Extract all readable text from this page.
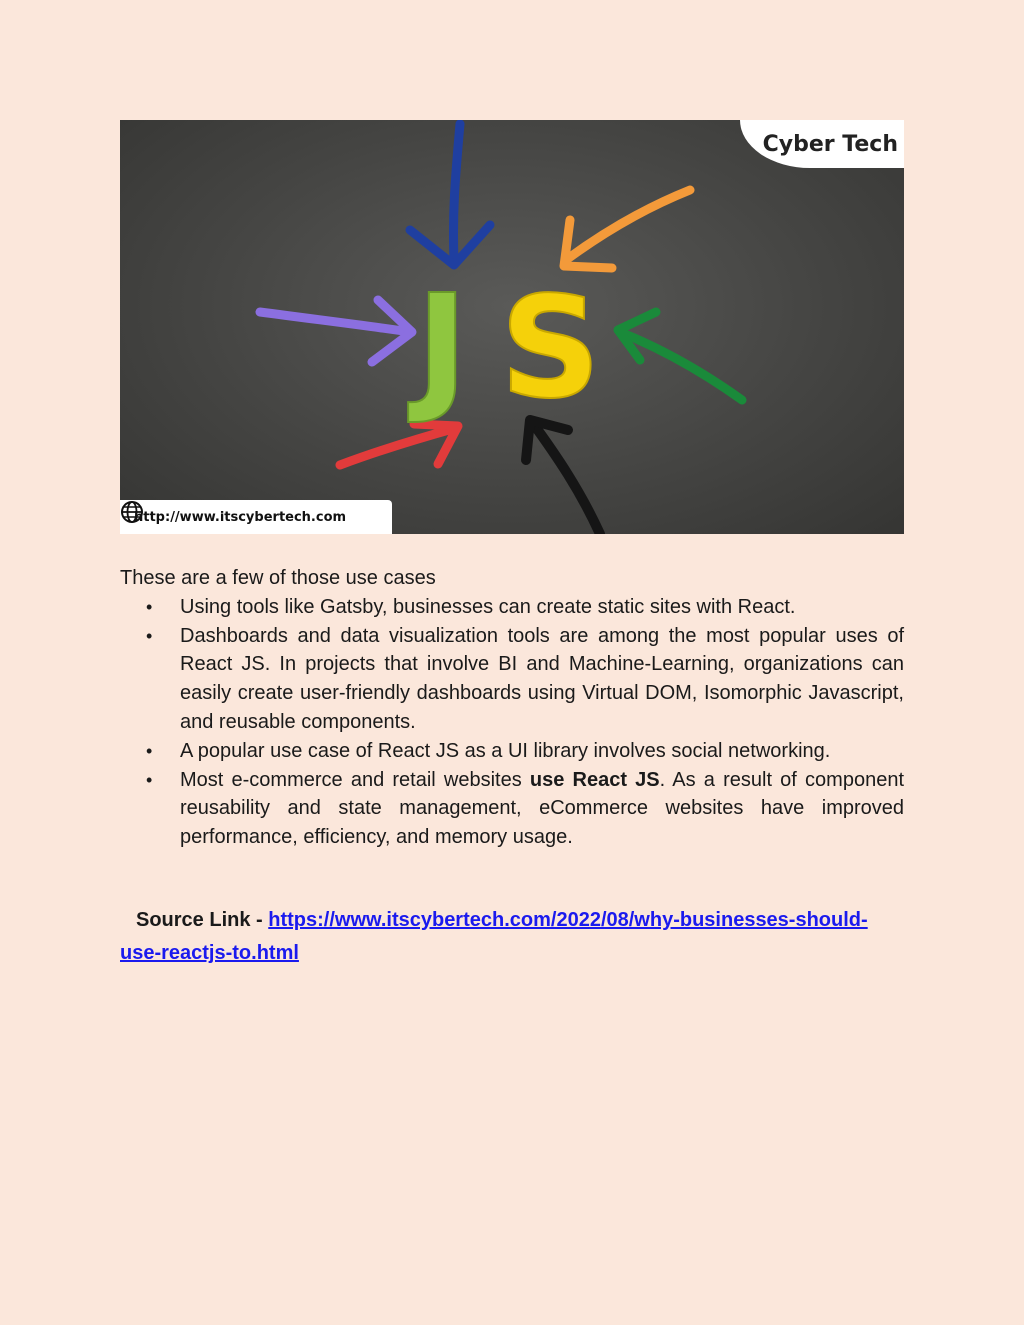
J S
Cyber Tech
http://www.itscybertech.com

These are a few of those use cases

• Using tools like Gatsby, businesses can create static sites with React.
• Dashboards and data visualization tools are among the most popular uses of React JS. In projects that involve BI and Machine-Learning, organizations can easily create user-friendly dashboards using Virtual DOM, Isomorphic Javascript, and reusable components.
• A popular use case of React JS as a UI library involves social networking.
• Most e-commerce and retail websites use React JS. As a result of component reusability and state management, eCommerce websites have improved performance, efficiency, and memory usage.
Source Link - https://www.itscybertech.com/2022/08/why-businesses-should-use-reactjs-to.html
